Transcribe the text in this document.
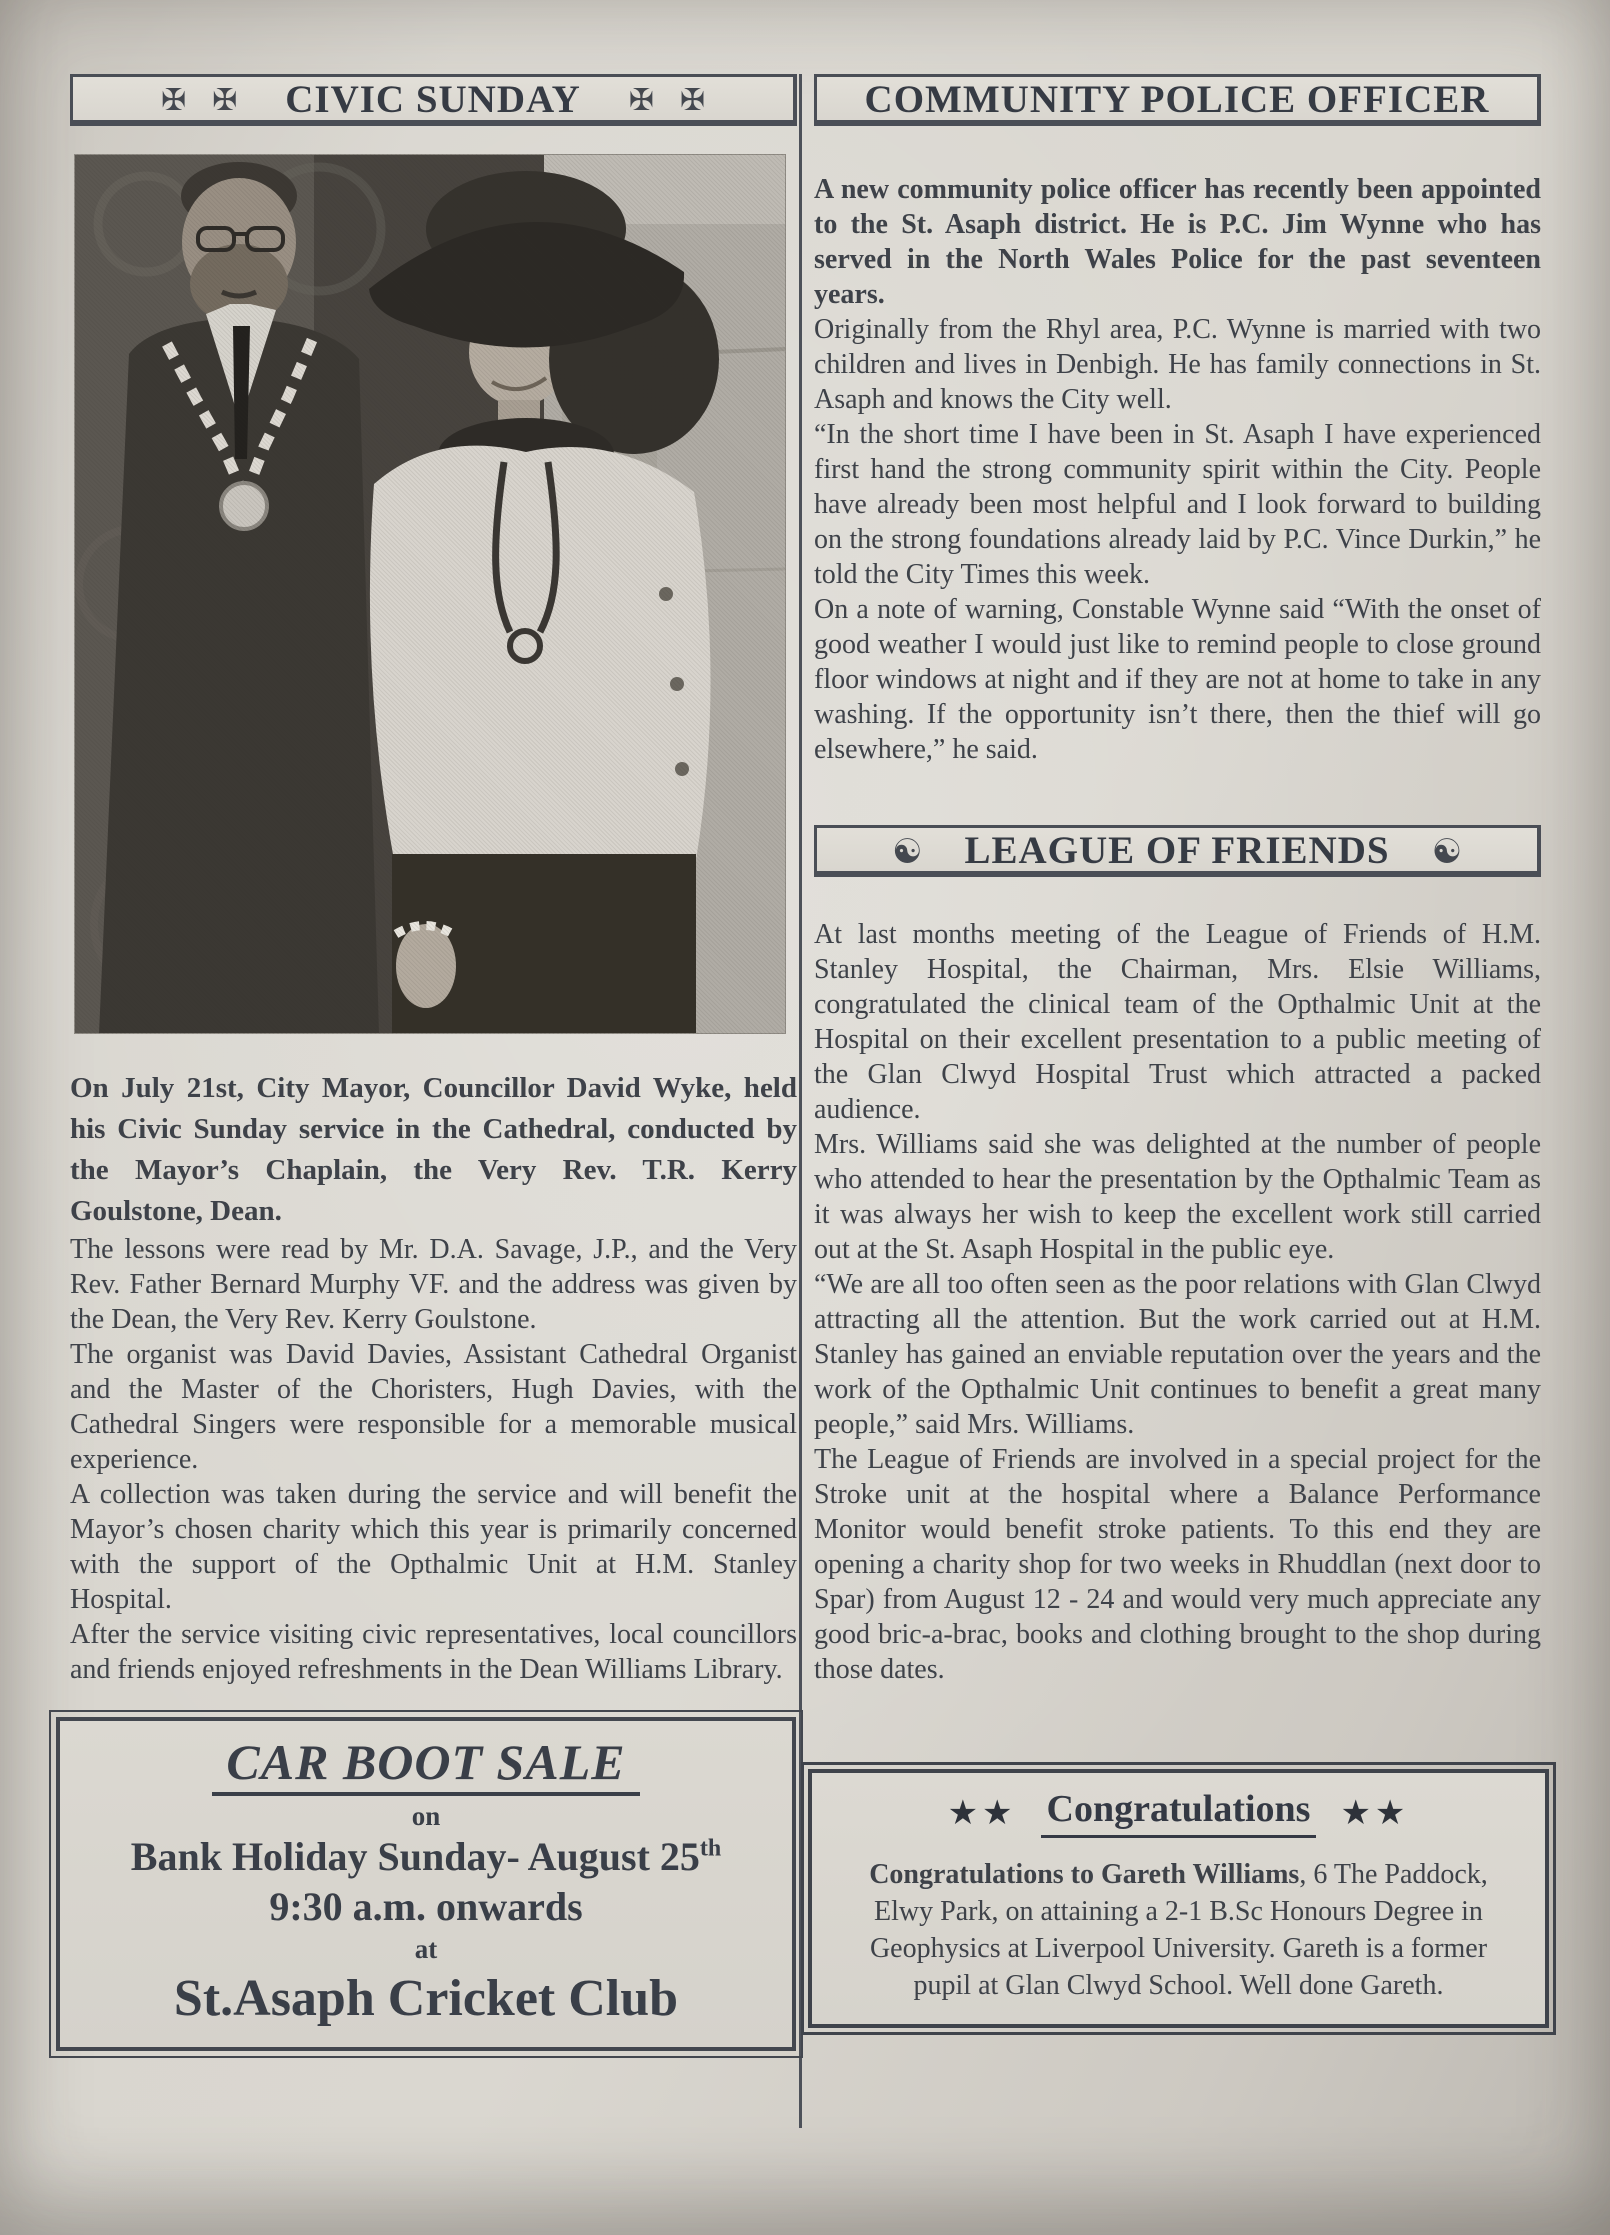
✠ ✠ CIVIC SUNDAY ✠ ✠

On July 21st, City Mayor, Councillor David Wyke, held his Civic Sunday service in the Cathedral, conducted by the Mayor’s Chaplain, the Very Rev. T.R. Kerry Goulstone, Dean.

The lessons were read by Mr. D.A. Savage, J.P., and the Very Rev. Father Bernard Murphy VF. and the address was given by the Dean, the Very Rev. Kerry Goulstone.

The organist was David Davies, Assistant Cathedral Organist and the Master of the Choristers, Hugh Davies, with the Cathedral Singers were responsible for a memorable musical experience.

A collection was taken during the service and will benefit the Mayor’s chosen charity which this year is primarily concerned with the support of the Opthalmic Unit at H.M. Stanley Hospital.

After the service visiting civic representatives, local councillors and friends enjoyed refreshments in the Dean Williams Library.

CAR BOOT SALE
on
Bank Holiday Sunday- August 25th
9:30 a.m. onwards
at
St.Asaph Cricket Club
COMMUNITY POLICE OFFICER

A new community police officer has recently been appointed to the St. Asaph district. He is P.C. Jim Wynne who has served in the North Wales Police for the past seventeen years.

Originally from the Rhyl area, P.C. Wynne is married with two children and lives in Denbigh. He has family connections in St. Asaph and knows the City well.

“In the short time I have been in St. Asaph I have experienced first hand the strong community spirit within the City. People have already been most helpful and I look forward to building on the strong foundations already laid by P.C. Vince Durkin,” he told the City Times this week.

On a note of warning, Constable Wynne said “With the onset of good weather I would just like to remind people to close ground floor windows at night and if they are not at home to take in any washing. If the opportunity isn’t there, then the thief will go elsewhere,” he said.

☯ LEAGUE OF FRIENDS ☯

At last months meeting of the League of Friends of H.M. Stanley Hospital, the Chairman, Mrs. Elsie Williams, congratulated the clinical team of the Opthalmic Unit at the Hospital on their excellent presentation to a public meeting of the Glan Clwyd Hospital Trust which attracted a packed audience.

Mrs. Williams said she was delighted at the number of people who attended to hear the presentation by the Opthalmic Team as it was always her wish to keep the excellent work still carried out at the St. Asaph Hospital in the public eye.

“We are all too often seen as the poor relations with Glan Clwyd attracting all the attention. But the work carried out at H.M. Stanley has gained an enviable reputation over the years and the work of the Opthalmic Unit continues to benefit a great many people,” said Mrs. Williams.

The League of Friends are involved in a special project for the Stroke unit at the hospital where a Balance Performance Monitor would benefit stroke patients. To this end they are opening a charity shop for two weeks in Rhuddlan (next door to Spar) from August 12 - 24 and would very much appreciate any good bric-a-brac, books and clothing brought to the shop during those dates.

★★ Congratulations ★★
Congratulations to Gareth Williams, 6 The Paddock, Elwy Park, on attaining a 2-1 B.Sc Honours Degree in Geophysics at Liverpool University. Gareth is a former pupil at Glan Clwyd School. Well done Gareth.
